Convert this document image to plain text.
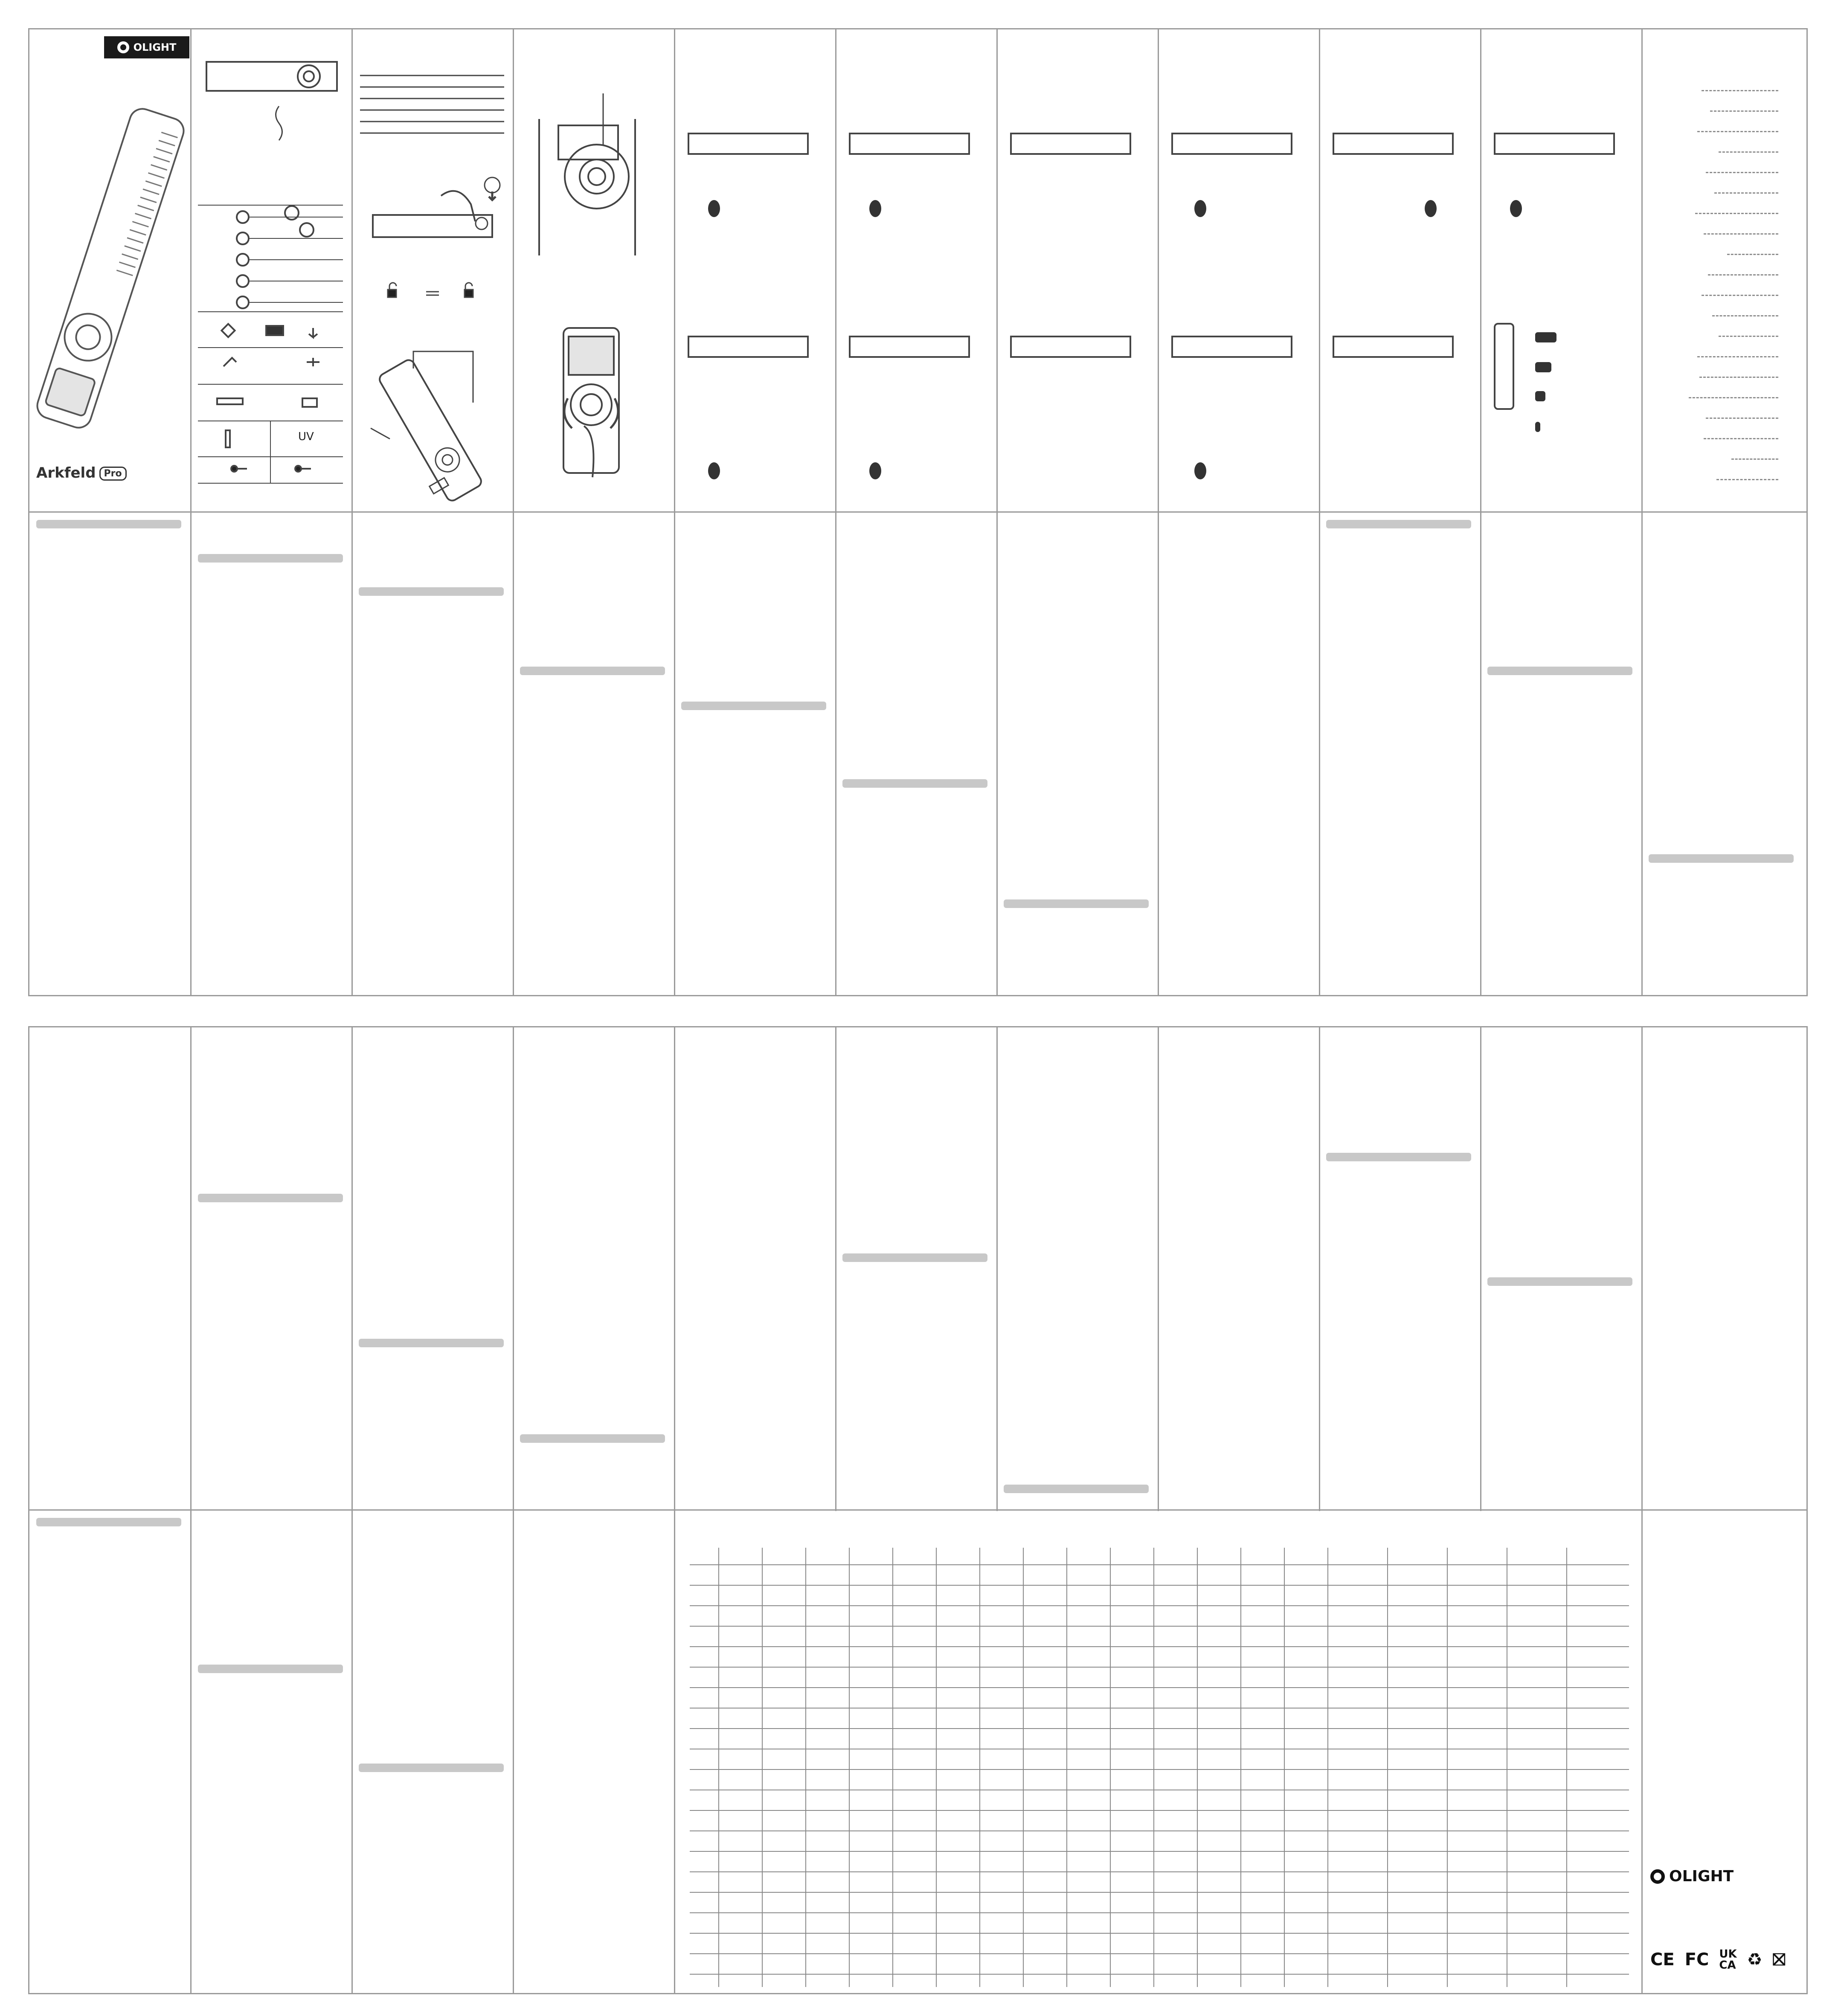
OLIGHT
Arkfeld Pro
UV
OLIGHT
CE FC UK
CA ♻ ⛝
